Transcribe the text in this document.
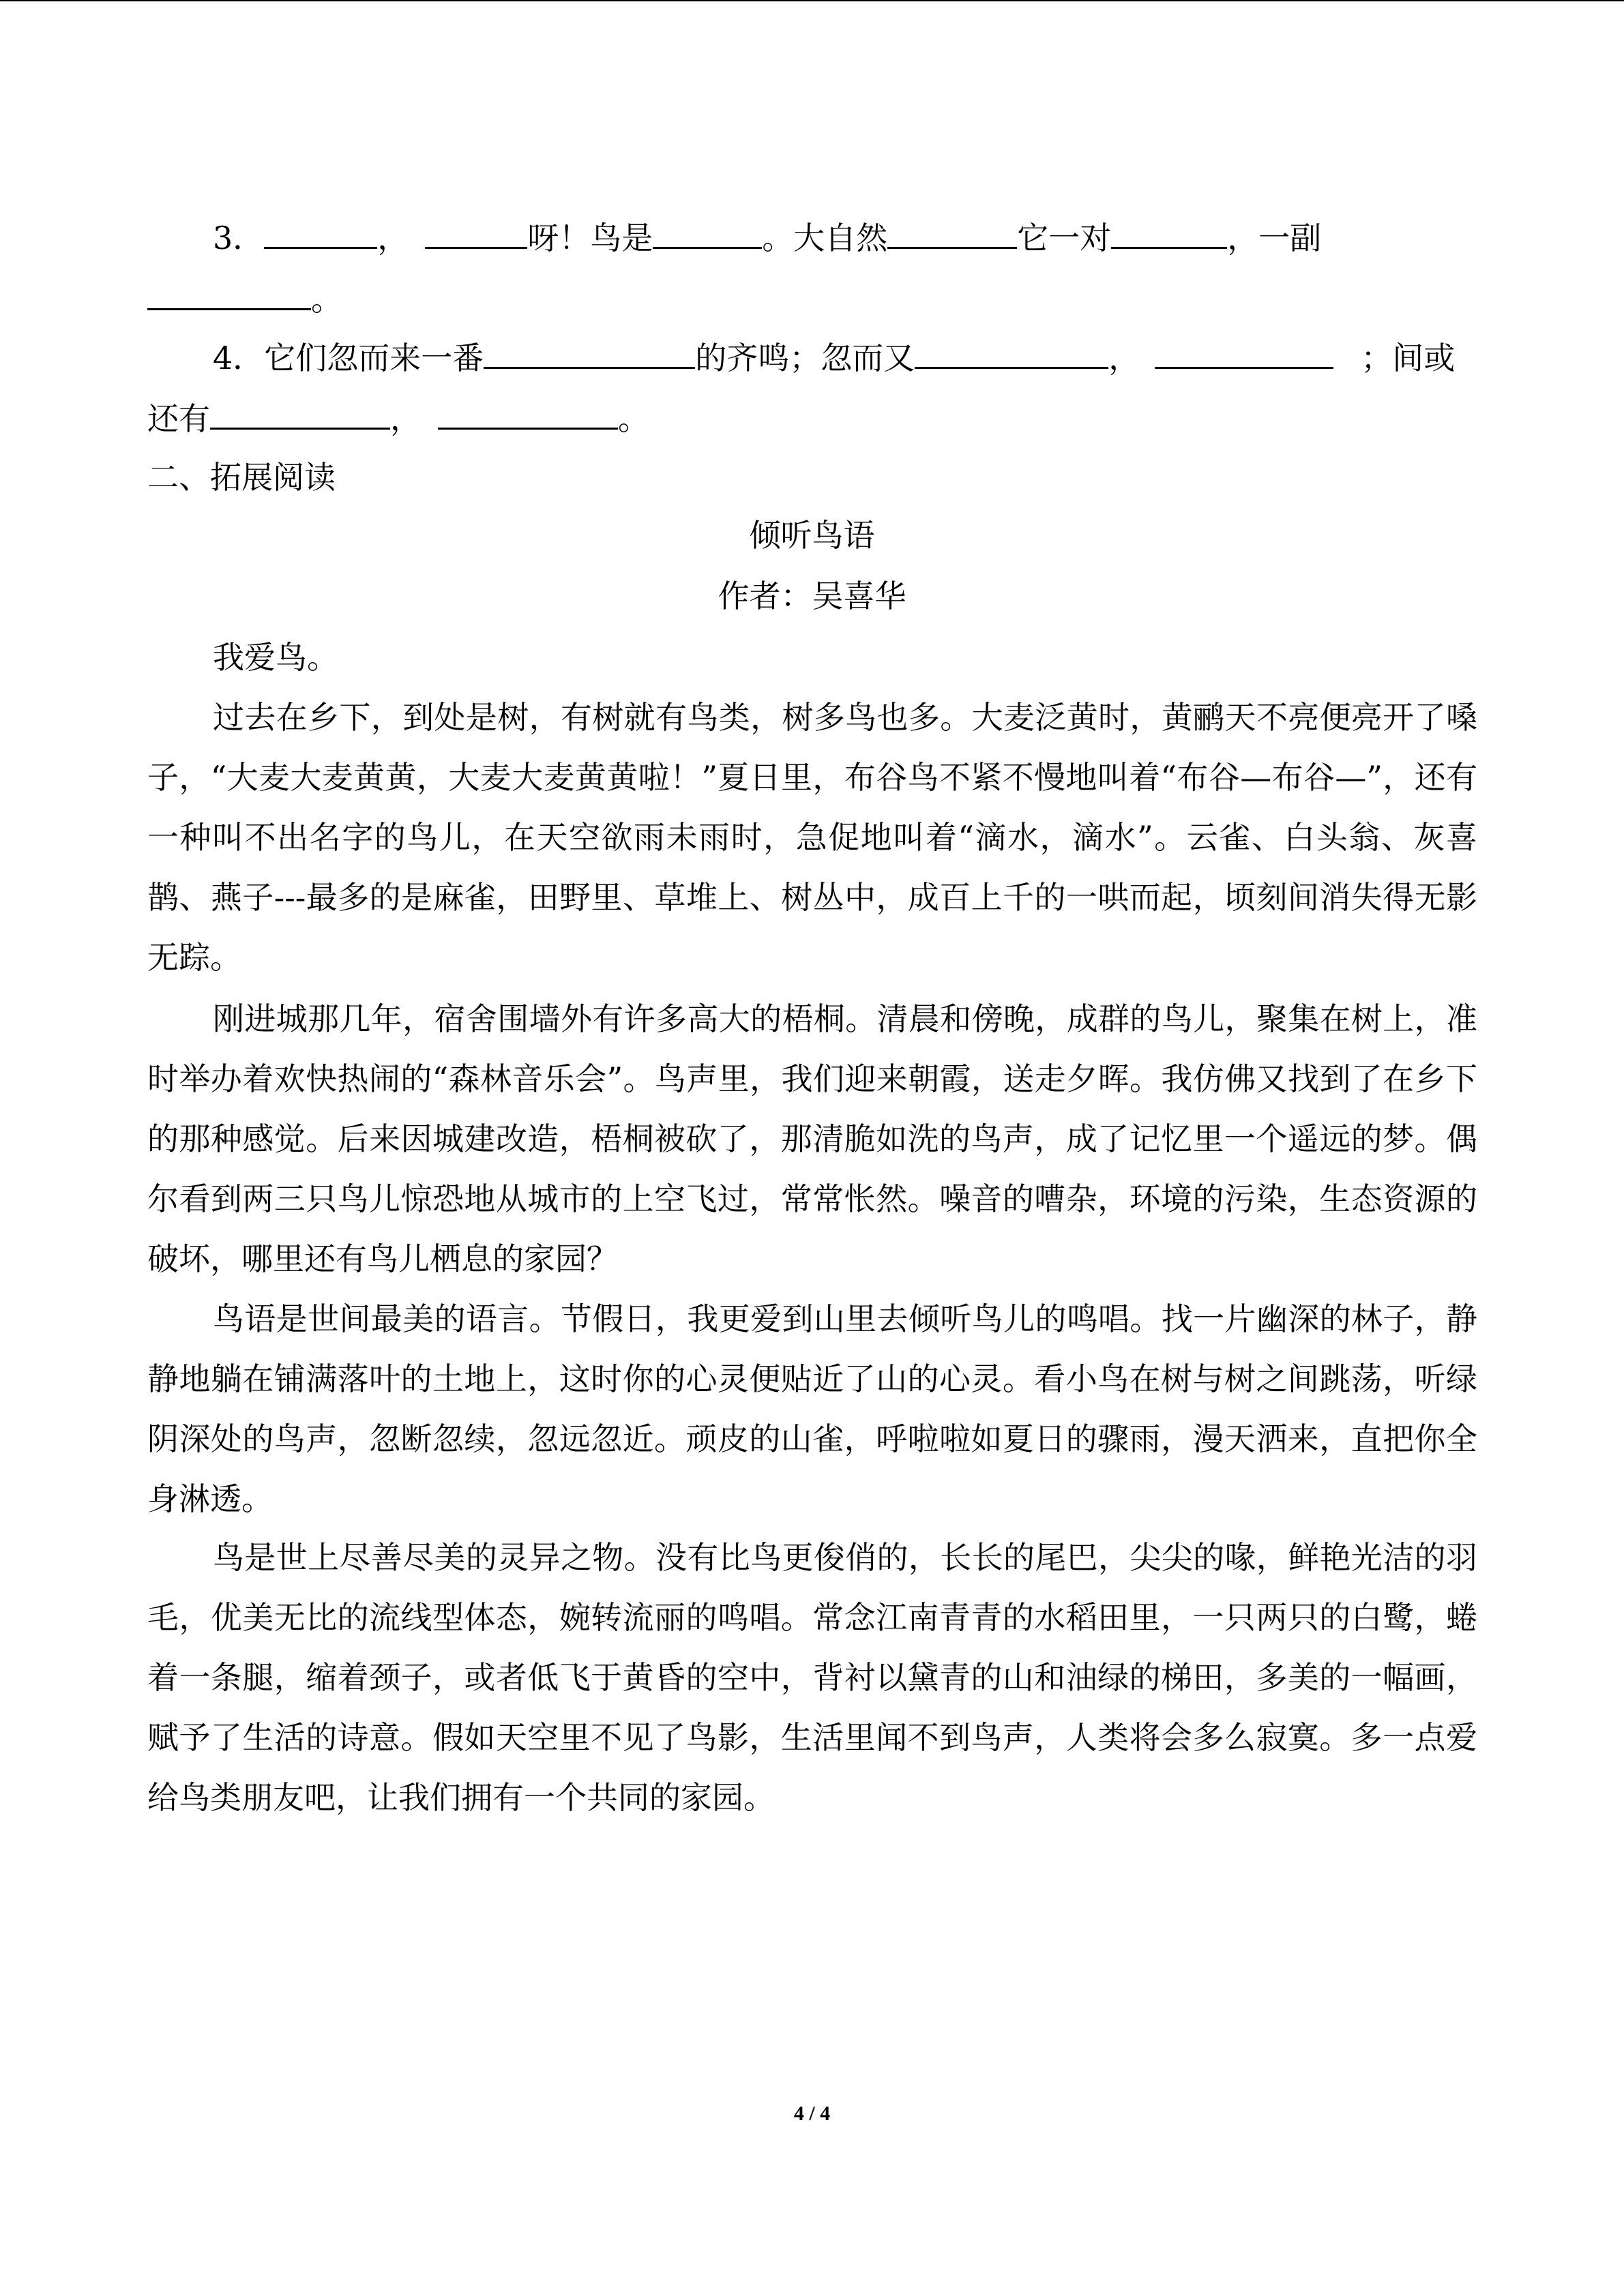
3．	，	呀！鸟是	。大自然	它一对	，一副
。
4．它们忽而来一番	的齐鸣；忽而又	，	；间或
还有	，	。
二、拓展阅读
倾听鸟语
作者：吴喜华
我爱鸟。
过去在乡下，到处是树，有树就有鸟类，树多鸟也多。大麦泛黄时，黄鹂天不亮便亮开了嗓子，“大麦大麦黄黄，大麦大麦黄黄啦！”夏日里，布谷鸟不紧不慢地叫着“布谷—布谷—”，还有一种叫不出名字的鸟儿，在天空欲雨未雨时，急促地叫着“滴水，滴水”。云雀、白头翁、灰喜鹊、燕子---最多的是麻雀，田野里、草堆上、树丛中，成百上千的一哄而起，顷刻间消失得无影无踪。
刚进城那几年，宿舍围墙外有许多高大的梧桐。清晨和傍晚，成群的鸟儿，聚集在树上，准时举办着欢快热闹的“森林音乐会”。鸟声里，我们迎来朝霞，送走夕晖。我仿佛又找到了在乡下的那种感觉。后来因城建改造，梧桐被砍了，那清脆如洗的鸟声，成了记忆里一个遥远的梦。偶尔看到两三只鸟儿惊恐地从城市的上空飞过，常常怅然。噪音的嘈杂，环境的污染，生态资源的破坏，哪里还有鸟儿栖息的家园？
鸟语是世间最美的语言。节假日，我更爱到山里去倾听鸟儿的鸣唱。找一片幽深的林子，静静地躺在铺满落叶的土地上，这时你的心灵便贴近了山的心灵。看小鸟在树与树之间跳荡，听绿阴深处的鸟声，忽断忽续，忽远忽近。顽皮的山雀，呼啦啦如夏日的骤雨，漫天洒来，直把你全身淋透。
鸟是世上尽善尽美的灵异之物。没有比鸟更俊俏的，长长的尾巴，尖尖的喙，鲜艳光洁的羽毛，优美无比的流线型体态，婉转流丽的鸣唱。常念江南青青的水稻田里，一只两只的白鹭，蜷着一条腿，缩着颈子，或者低飞于黄昏的空中，背衬以黛青的山和油绿的梯田，多美的一幅画，赋予了生活的诗意。假如天空里不见了鸟影，生活里闻不到鸟声，人类将会多么寂寞。多一点爱给鸟类朋友吧，让我们拥有一个共同的家园。
4 / 4
